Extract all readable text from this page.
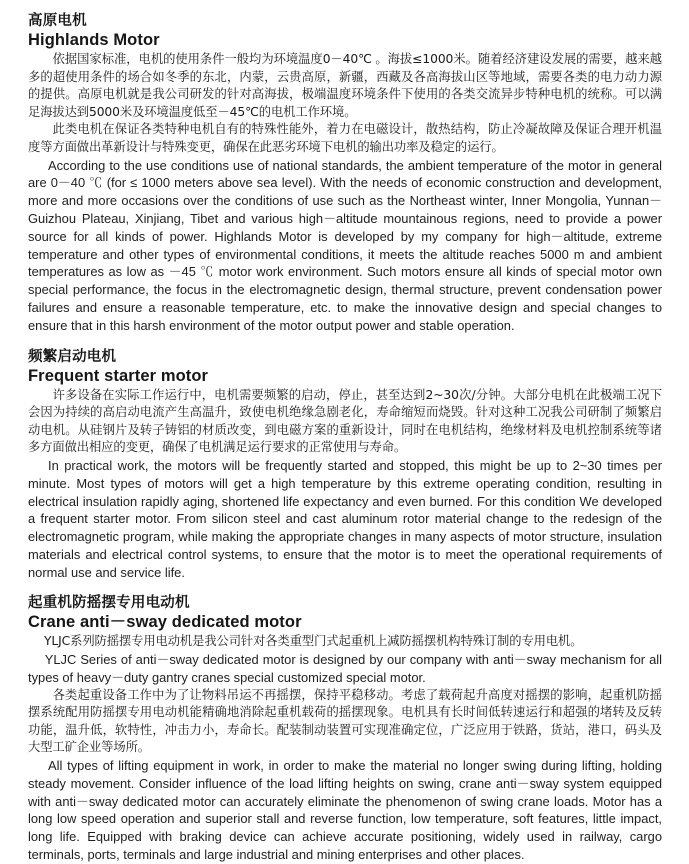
高原电机
Highlands Motor

依据国家标准，电机的使用条件一般均为环境温度0－40℃ 。海拔≤1000米。随着经济建设发展的需要，越来越多的超使用条件的场合如冬季的东北，内蒙，云贵高原，新疆，西藏及各高海拔山区等地域，需要各类的电力动力源的提供。高原电机就是我公司研发的针对高海拔，极端温度环境条件下使用的各类交流异步特种电机的统称。可以满足海拔达到5000米及环境温度低至－45℃的电机工作环境。

此类电机在保证各类特种电机自有的特殊性能外，着力在电磁设计，散热结构，防止冷凝故障及保证合理开机温度等方面做出革新设计与特殊变更，确保在此恶劣环境下电机的输出功率及稳定的运行。

According to the use conditions use of national standards, the ambient temperature of the motor in general are 0－40 ℃ (for ≤ 1000 meters above sea level). With the needs of economic construction and development, more and more occasions over the conditions of use such as the Northeast winter, Inner Mongolia, Yunnan－Guizhou Plateau, Xinjiang, Tibet and various high－altitude mountainous regions, need to provide a power source for all kinds of power. Highlands Motor is developed by my company for high－altitude, extreme temperature and other types of environmental conditions, it meets the altitude reaches 5000 m and ambient temperatures as low as －45 ℃ motor work environment. Such motors ensure all kinds of special motor own special performance, the focus in the electromagnetic design, thermal structure, prevent condensation power failures and ensure a reasonable temperature, etc. to make the innovative design and special changes to ensure that in this harsh environment of the motor output power and stable operation.

频繁启动电机
Frequent starter motor

许多设备在实际工作运行中，电机需要频繁的启动，停止，甚至达到2~30次/分钟。大部分电机在此极端工况下会因为持续的高启动电流产生高温升，致使电机绝缘急剧老化，寿命缩短而烧毁。针对这种工况我公司研制了频繁启动电机。从硅钢片及转子铸铝的材质改变，到电磁方案的重新设计，同时在电机结构，绝缘材料及电机控制系统等诸多方面做出相应的变更，确保了电机满足运行要求的正常使用与寿命。

In practical work, the motors will be frequently started and stopped, this might be up to 2~30 times per minute. Most types of motors will get a high temperature by this extreme operating condition, resulting in electrical insulation rapidly aging, shortened life expectancy and even burned. For this condition We developed a frequent starter motor. From silicon steel and cast aluminum rotor material change to the redesign of the electromagnetic program, while making the appropriate changes in many aspects of motor structure, insulation materials and electrical control systems, to ensure that the motor is to meet the operational requirements of normal use and service life.

起重机防摇摆专用电动机
Crane anti－sway dedicated motor

YLJC系列防摇摆专用电动机是我公司针对各类重型门式起重机上减防摇摆机构特殊订制的专用电机。

YLJC Series of anti－sway dedicated motor is designed by our company with anti－sway mechanism for all types of heavy－duty gantry cranes special customized special motor.

各类起重设备工作中为了让物料吊运不再摇摆，保持平稳移动。考虑了载荷起升高度对摇摆的影响，起重机防摇摆系统配用防摇摆专用电动机能精确地消除起重机载荷的摇摆现象。电机具有长时间低转速运行和超强的堵转及反转功能，温升低，软特性，冲击力小，寿命长。配装制动装置可实现准确定位，广泛应用于铁路，货站，港口，码头及大型工矿企业等场所。

All types of lifting equipment in work, in order to make the material no longer swing during lifting, holding steady movement. Consider influence of the load lifting heights on swing, crane anti－sway system equipped with anti－sway dedicated motor can accurately eliminate the phenomenon of swing crane loads. Motor has a long low speed operation and superior stall and reverse function, low temperature, soft features, little impact, long life. Equipped with braking device can achieve accurate positioning, widely used in railway, cargo terminals, ports, terminals and large industrial and mining enterprises and other places.
